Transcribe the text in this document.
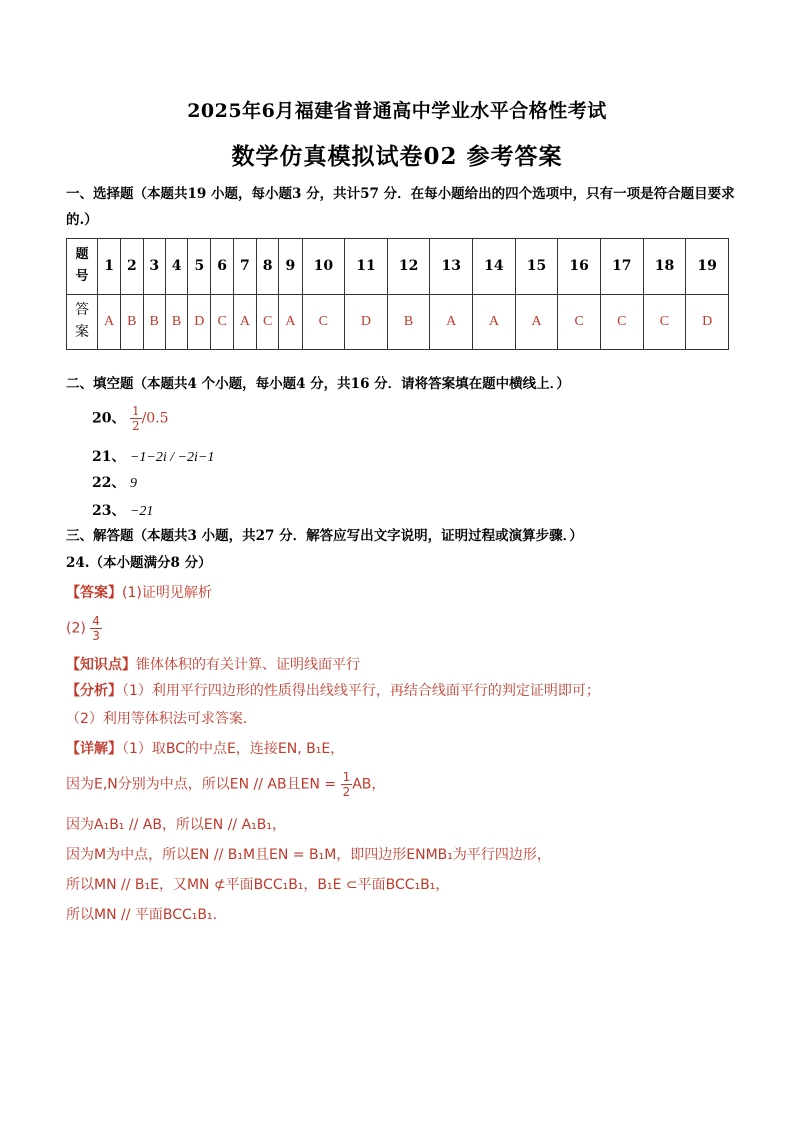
2025年6月福建省普通高中学业水平合格性考试
数学仿真模拟试卷02 参考答案
一、选择题（本题共19 小题，每小题3 分，共计57 分．在每小题给出的四个选项中，只有一项是符合题目要求的.）
题号	1	2	3	4	5	6	7	8	9	10	11	12	13	14	15	16	17	18	19
答案	A	B	B	B	D	C	A	C	A	C	D	B	A	A	A	C	C	C	D
二、填空题（本题共4 个小题，每小题4 分，共16 分．请将答案填在题中横线上．）
20、 $\frac{1}{2} /0.5$
21、 −1−2i / −2i−1
22、 9
23、 −21
三、解答题（本题共3 小题，共27 分．解答应写出文字说明，证明过程或演算步骤．）
24.（本小题满分8 分）
【答案】(1)证明见解析
$(2) \frac{4}{3}$
【知识点】锥体体积的有关计算、证明线面平行
【分析】（1）利用平行四边形的性质得出线线平行，再结合线面平行的判定证明即可；
（2）利用等体积法可求答案.
【详解】（1）取BC的中点E，连接EN, B₁E，
因为E,N分别为中点，所以EN // AB且EN = $\frac{1}{2}$ AB，
因为A₁B₁ // AB，所以EN // A₁B₁，
因为M为中点，所以EN // B₁M且EN = B₁M，即四边形ENMB₁为平行四边形，
所以MN // B₁E，又MN ⊄平面BCC₁B₁，B₁E ⊂平面BCC₁B₁，
所以MN // 平面BCC₁B₁.
